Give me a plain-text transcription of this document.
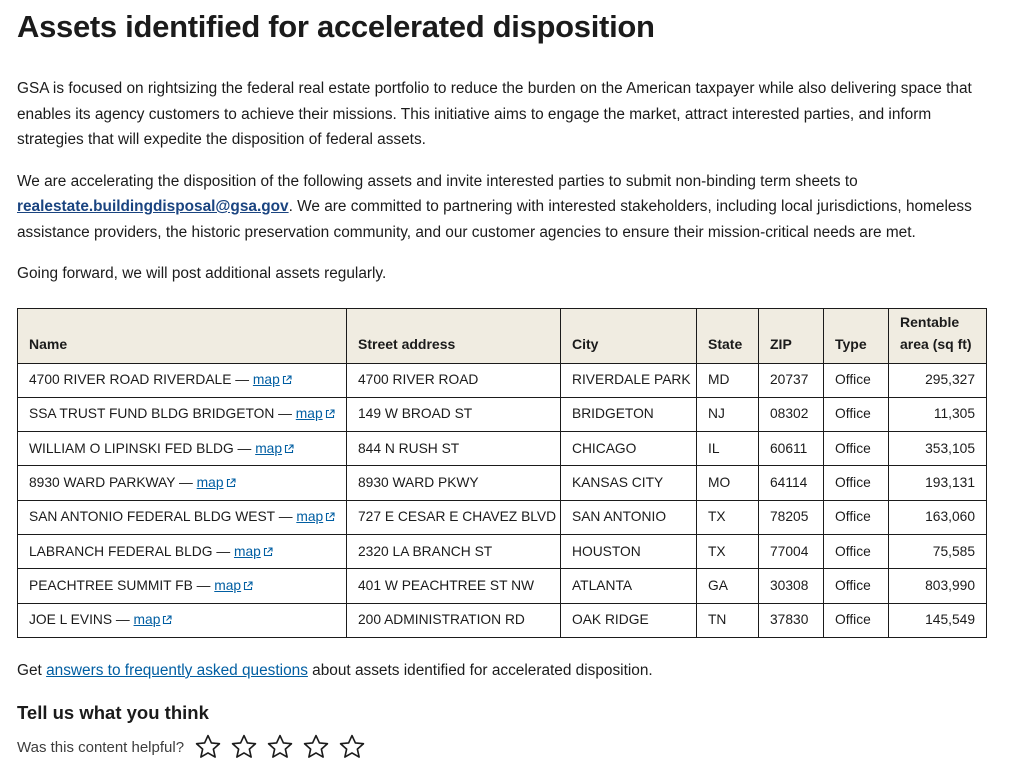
Assets identified for accelerated disposition

GSA is focused on rightsizing the federal real estate portfolio to reduce the burden on the American taxpayer while also delivering space that enables its agency customers to achieve their missions. This initiative aims to engage the market, attract interested parties, and inform strategies that will expedite the disposition of federal assets.

We are accelerating the disposition of the following assets and invite interested parties to submit non-binding term sheets to realestate.buildingdisposal@gsa.gov. We are committed to partnering with interested stakeholders, including local jurisdictions, homeless assistance providers, the historic preservation community, and our customer agencies to ensure their mission-critical needs are met.

Going forward, we will post additional assets regularly.

Name	Street address	City	State	ZIP	Type	Rentable area (sq ft)
4700 RIVER ROAD RIVERDALE — map	4700 RIVER ROAD	RIVERDALE PARK	MD	20737	Office	295,327
SSA TRUST FUND BLDG BRIDGETON — map	149 W BROAD ST	BRIDGETON	NJ	08302	Office	11,305
WILLIAM O LIPINSKI FED BLDG — map	844 N RUSH ST	CHICAGO	IL	60611	Office	353,105
8930 WARD PARKWAY — map	8930 WARD PKWY	KANSAS CITY	MO	64114	Office	193,131
SAN ANTONIO FEDERAL BLDG WEST — map	727 E CESAR E CHAVEZ BLVD	SAN ANTONIO	TX	78205	Office	163,060
LABRANCH FEDERAL BLDG — map	2320 LA BRANCH ST	HOUSTON	TX	77004	Office	75,585
PEACHTREE SUMMIT FB — map	401 W PEACHTREE ST NW	ATLANTA	GA	30308	Office	803,990
JOE L EVINS — map	200 ADMINISTRATION RD	OAK RIDGE	TN	37830	Office	145,549

Get answers to frequently asked questions about assets identified for accelerated disposition.

Tell us what you think
Was this content helpful?
